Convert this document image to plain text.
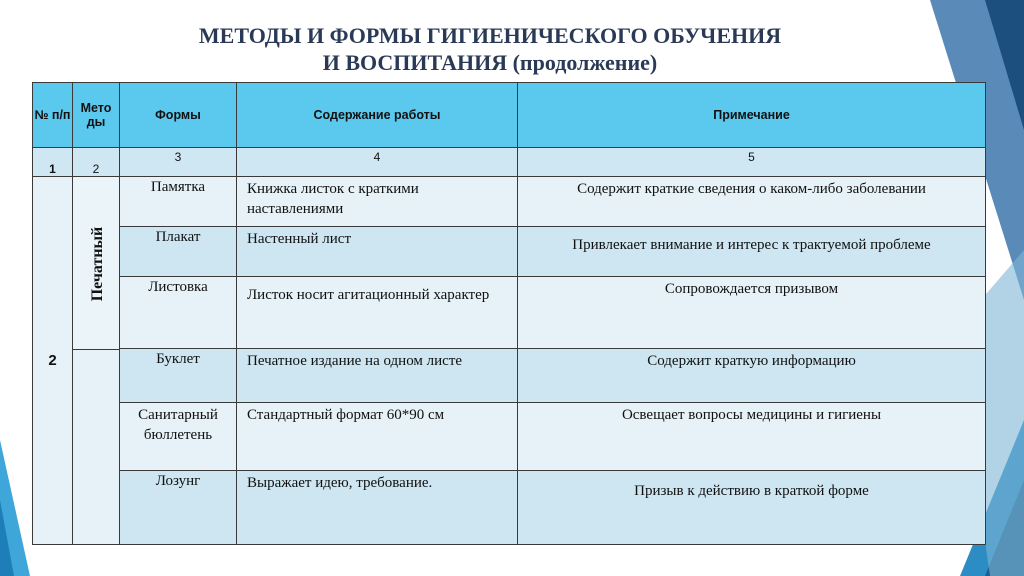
МЕТОДЫ И ФОРМЫ ГИГИЕНИЧЕСКОГО ОБУЧЕНИЯ
И ВОСПИТАНИЯ (продолжение)
№ п/п	Мето ды	Формы	Содержание работы	Примечание
1	2	3	4	5
2	Печатный	Памятка	Книжка листок с краткими наставлениями	Содержит краткие сведения о каком-либо заболевании
		Плакат	Настенный лист	Привлекает внимание и интерес к трактуемой проблеме
		Листовка	Листок носит агитационный характер	Сопровождается призывом
		Буклет	Печатное издание на одном листе	Содержит краткую информацию
		Санитарный бюллетень	Стандартный формат 60*90 см	Освещает вопросы медицины и гигиены
		Лозунг	Выражает идею, требование.	Призыв к действию в краткой форме
